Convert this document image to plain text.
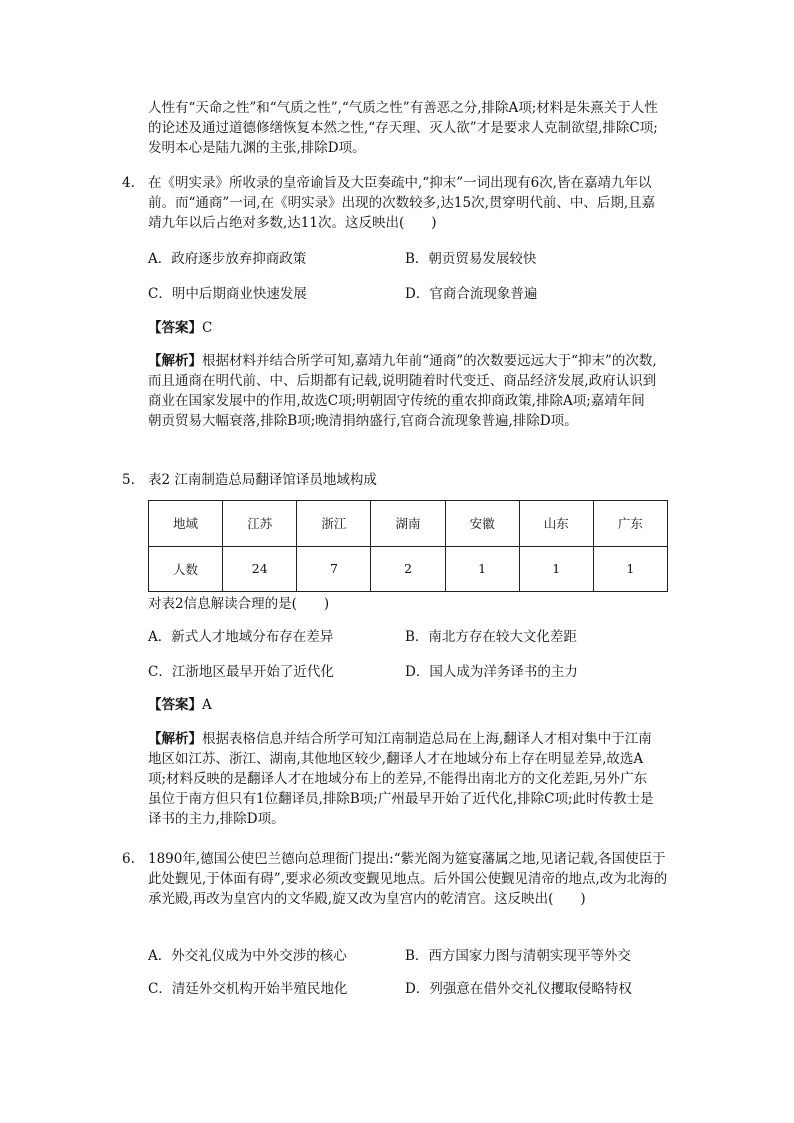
人性有“天命之性”和“气质之性”,“气质之性”有善恶之分,排除A项;材料是朱熹关于人性的论述及通过道德修缮恢复本然之性,“存天理、灭人欲”才是要求人克制欲望,排除C项;发明本心是陆九渊的主张,排除D项。

4. 在《明实录》所收录的皇帝谕旨及大臣奏疏中,“抑末”一词出现有6次,皆在嘉靖九年以前。而“通商”一词,在《明实录》出现的次数较多,达15次,贯穿明代前、中、后期,且嘉靖九年以后占绝对多数,达11次。这反映出(　　)

A．政府逐步放弃抑商政策	B．朝贡贸易发展较快
C．明中后期商业快速发展	D．官商合流现象普遍
【答案】C

【解析】根据材料并结合所学可知,嘉靖九年前“通商”的次数要远远大于“抑末”的次数,而且通商在明代前、中、后期都有记载,说明随着时代变迁、商品经济发展,政府认识到商业在国家发展中的作用,故选C项;明朝固守传统的重农抑商政策,排除A项;嘉靖年间朝贡贸易大幅衰落,排除B项;晚清捐纳盛行,官商合流现象普遍,排除D项。

5. 表2 江南制造总局翻译馆译员地域构成
地域	江苏	浙江	湖南	安徽	山东	广东
人数	24	7	2	1	1	1
对表2信息解读合理的是(　　)
A．新式人才地域分布存在差异	B．南北方存在较大文化差距
C．江浙地区最早开始了近代化	D．国人成为洋务译书的主力
【答案】A

【解析】根据表格信息并结合所学可知江南制造总局在上海,翻译人才相对集中于江南地区如江苏、浙江、湖南,其他地区较少,翻译人才在地域分布上存在明显差异,故选A项;材料反映的是翻译人才在地域分布上的差异,不能得出南北方的文化差距,另外广东虽位于南方但只有1位翻译员,排除B项;广州最早开始了近代化,排除C项;此时传教士是译书的主力,排除D项。

6. 1890年,德国公使巴兰德向总理衙门提出:“紫光阁为筵宴藩属之地,见诸记载,各国使臣于此处觐见,于体面有碍”,要求必须改变觐见地点。后外国公使觐见清帝的地点,改为北海的承光殿,再改为皇宫内的文华殿,旋又改为皇宫内的乾清宫。这反映出(　　)

A．外交礼仪成为中外交涉的核心	B．西方国家力图与清朝实现平等外交
C．清廷外交机构开始半殖民地化	D．列强意在借外交礼仪攫取侵略特权
